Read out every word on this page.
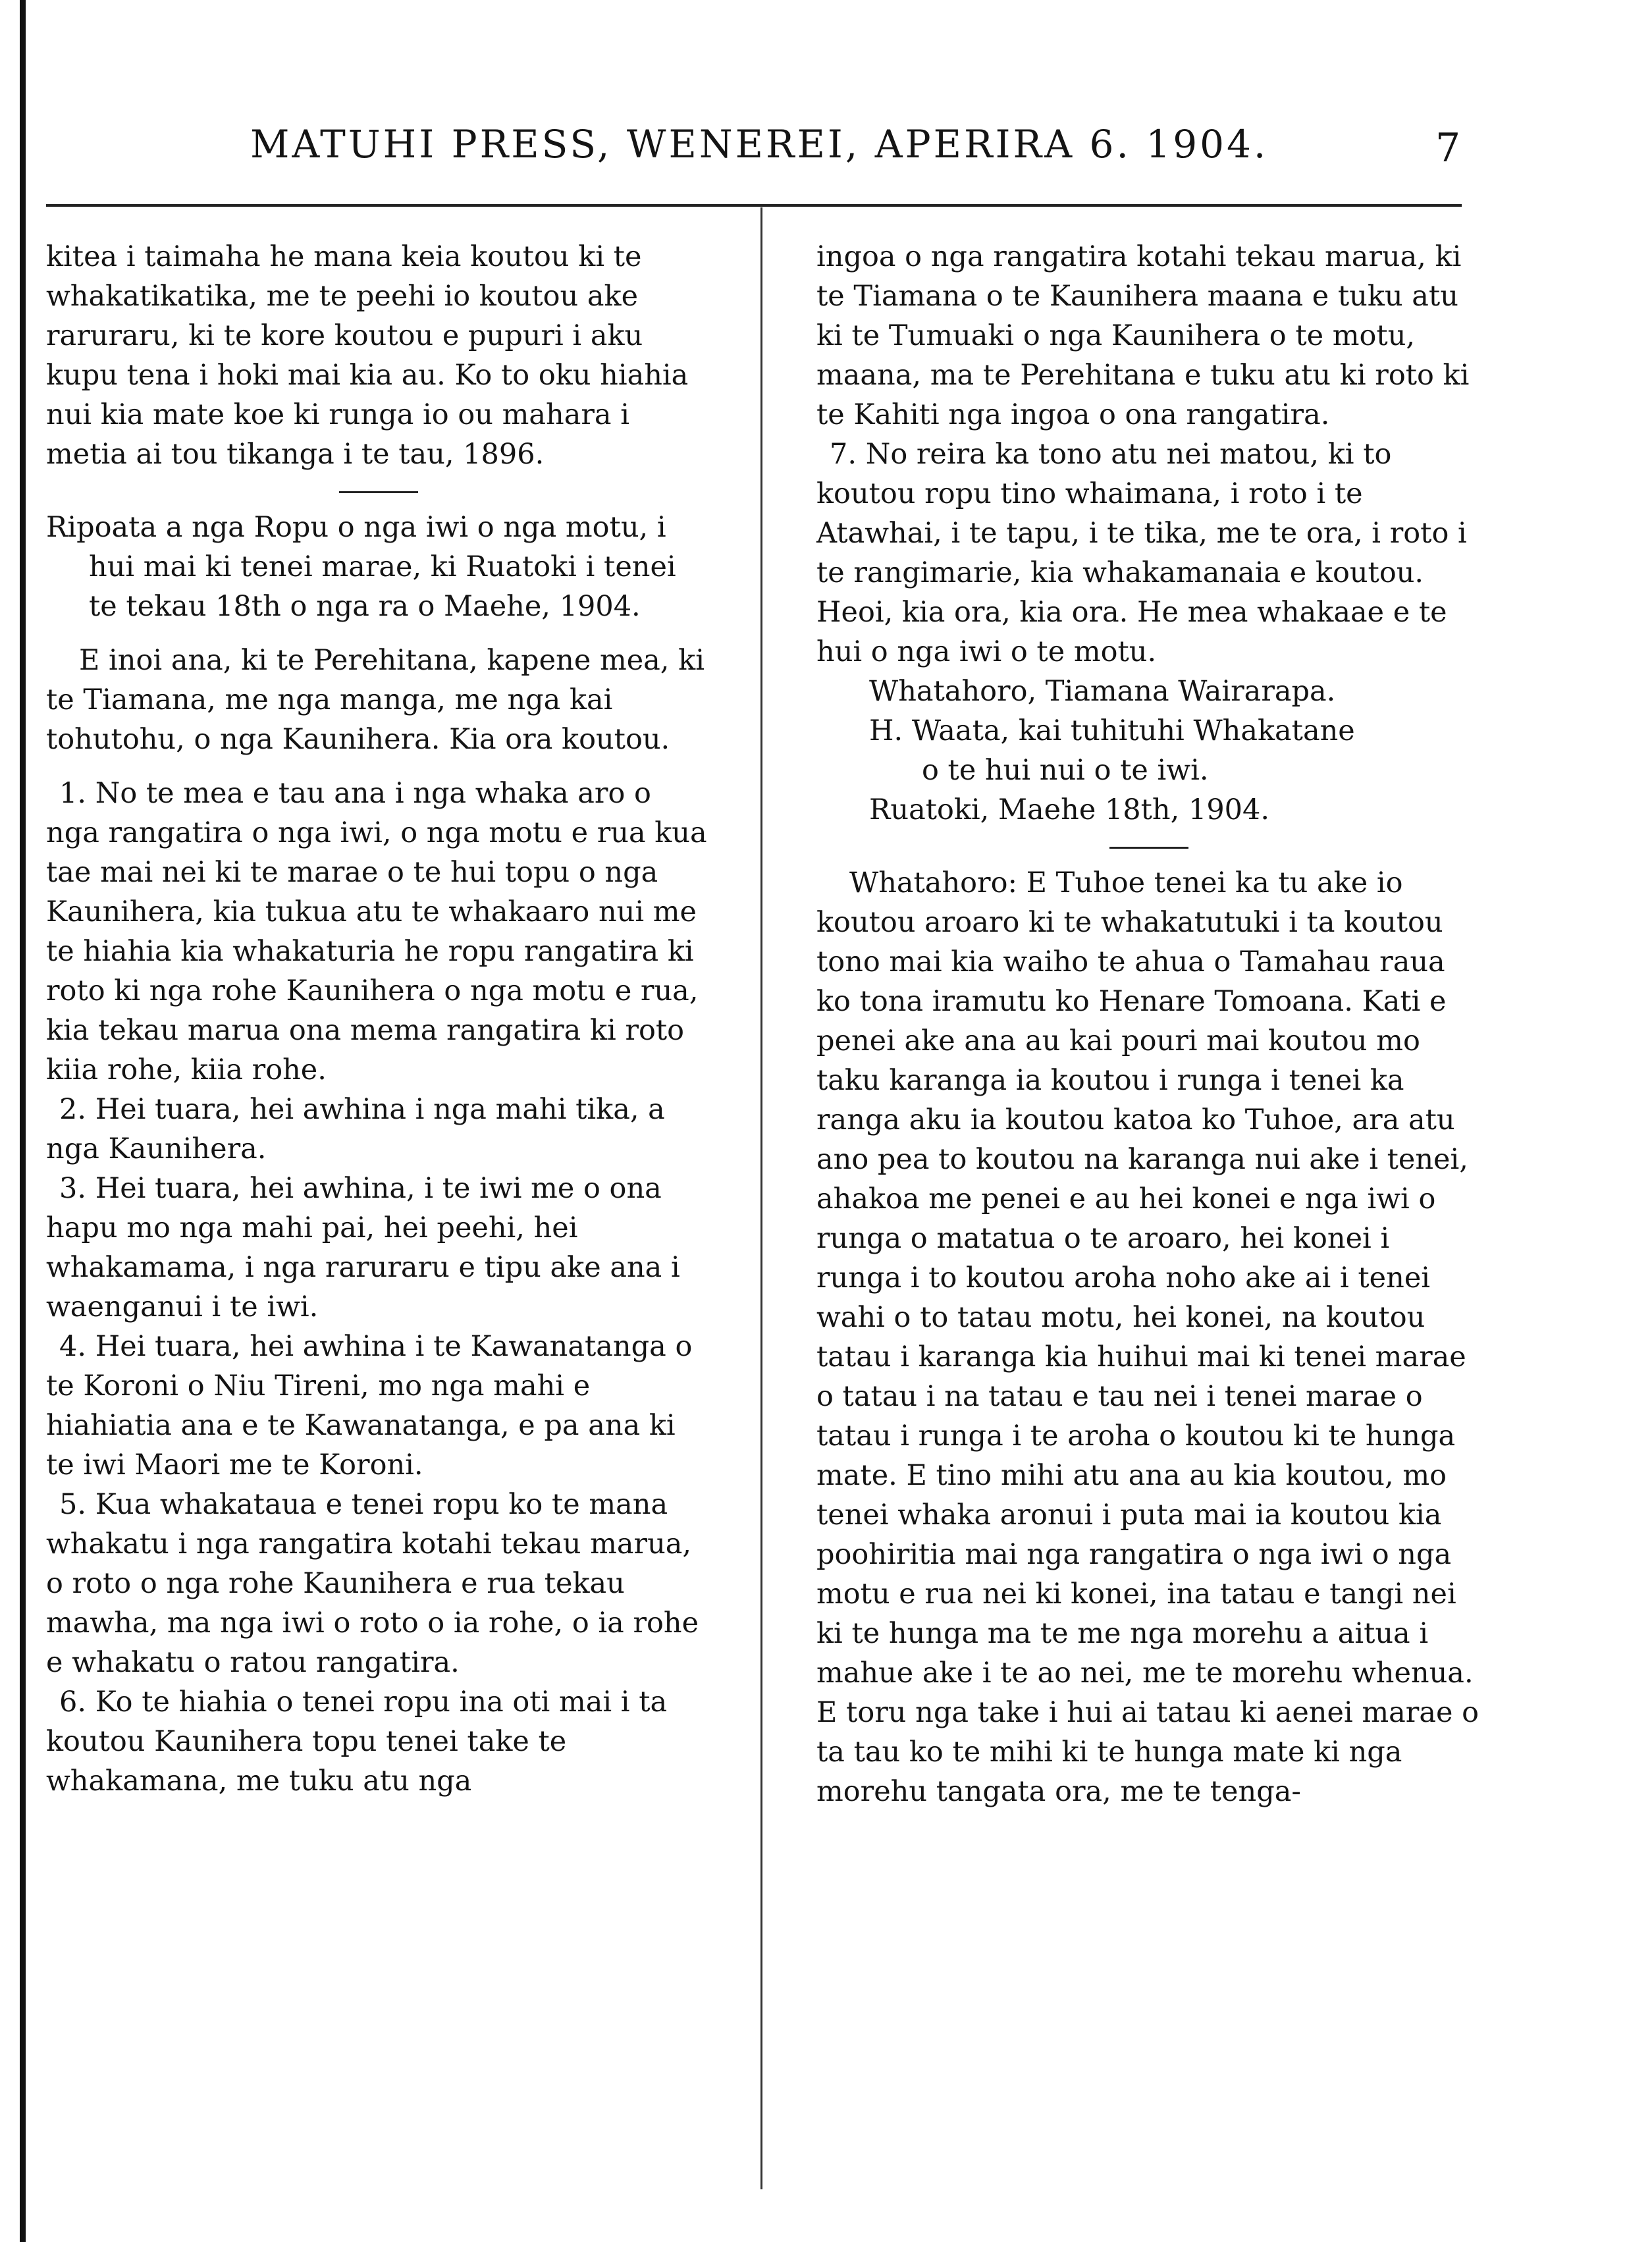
MATUHI PRESS, WENEREI, APERIRA 6. 1904.	7

kitea i taimaha he mana keia koutou ki te whakatikatika, me te peehi io koutou ake raruraru, ki te kore koutou e pupuri i aku kupu tena i hoki mai kia au. Ko to oku hiahia nui kia mate koe ki runga io ou mahara i metia ai tou tikanga i te tau, 1896.

Ripoata a nga Ropu o nga iwi o nga motu, i hui mai ki tenei marae, ki Ruatoki i tenei te tekau 18th o nga ra o Maehe, 1904.

E inoi ana, ki te Perehitana, kapene mea, ki te Tiamana, me nga manga, me nga kai tohutohu, o nga Kaunihera. Kia ora koutou.

1. No te mea e tau ana i nga whaka aro o nga rangatira o nga iwi, o nga motu e rua kua tae mai nei ki te marae o te hui topu o nga Kaunihera, kia tukua atu te whakaaro nui me te hiahia kia whakaturia he ropu rangatira ki roto ki nga rohe Kaunihera o nga motu e rua, kia tekau marua ona mema rangatira ki roto kiia rohe, kiia rohe.

2. Hei tuara, hei awhina i nga mahi tika, a nga Kaunihera.

3. Hei tuara, hei awhina, i te iwi me o ona hapu mo nga mahi pai, hei peehi, hei whakamama, i nga raruraru e tipu ake ana i waenganui i te iwi.

4. Hei tuara, hei awhina i te Kawanatanga o te Koroni o Niu Tireni, mo nga mahi e hiahiatia ana e te Kawanatanga, e pa ana ki te iwi Maori me te Koroni.

5. Kua whakataua e tenei ropu ko te mana whakatu i nga rangatira kotahi tekau marua, o roto o nga rohe Kaunihera e rua tekau mawha, ma nga iwi o roto o ia rohe, o ia rohe e whakatu o ratou rangatira.

6. Ko te hiahia o tenei ropu ina oti mai i ta koutou Kaunihera topu tenei take te whakamana, me tuku atu nga

ingoa o nga rangatira kotahi tekau marua, ki te Tiamana o te Kaunihera maana e tuku atu ki te Tumuaki o nga Kaunihera o te motu, maana, ma te Perehitana e tuku atu ki roto ki te Kahiti nga ingoa o ona rangatira.

7. No reira ka tono atu nei matou, ki to koutou ropu tino whaimana, i roto i te Atawhai, i te tapu, i te tika, me te ora, i roto i te rangimarie, kia whakamanaia e koutou. Heoi, kia ora, kia ora. He mea whakaae e te hui o nga iwi o te motu.

Whatahoro, Tiamana Wairarapa.

H. Waata, kai tuhituhi Whakatane

o te hui nui o te iwi.

Ruatoki, Maehe 18th, 1904.

Whatahoro: E Tuhoe tenei ka tu ake io koutou aroaro ki te whakatutuki i ta koutou tono mai kia waiho te ahua o Tamahau raua ko tona iramutu ko Henare Tomoana. Kati e penei ake ana au kai pouri mai koutou mo taku karanga ia koutou i runga i tenei ka ranga aku ia koutou katoa ko Tuhoe, ara atu ano pea to koutou na karanga nui ake i tenei, ahakoa me penei e au hei konei e nga iwi o runga o matatua o te aroaro, hei konei i runga i to koutou aroha noho ake ai i tenei wahi o to tatau motu, hei konei, na koutou tatau i karanga kia huihui mai ki tenei marae o tatau i na tatau e tau nei i tenei marae o tatau i runga i te aroha o koutou ki te hunga mate. E tino mihi atu ana au kia koutou, mo tenei whaka aronui i puta mai ia koutou kia poohiritia mai nga rangatira o nga iwi o nga motu e rua nei ki konei, ina tatau e tangi nei ki te hunga ma te me nga morehu a aitua i mahue ake i te ao nei, me te morehu whenua. E toru nga take i hui ai tatau ki aenei marae o ta tau ko te mihi ki te hunga mate ki nga morehu tangata ora, me te tenga-
